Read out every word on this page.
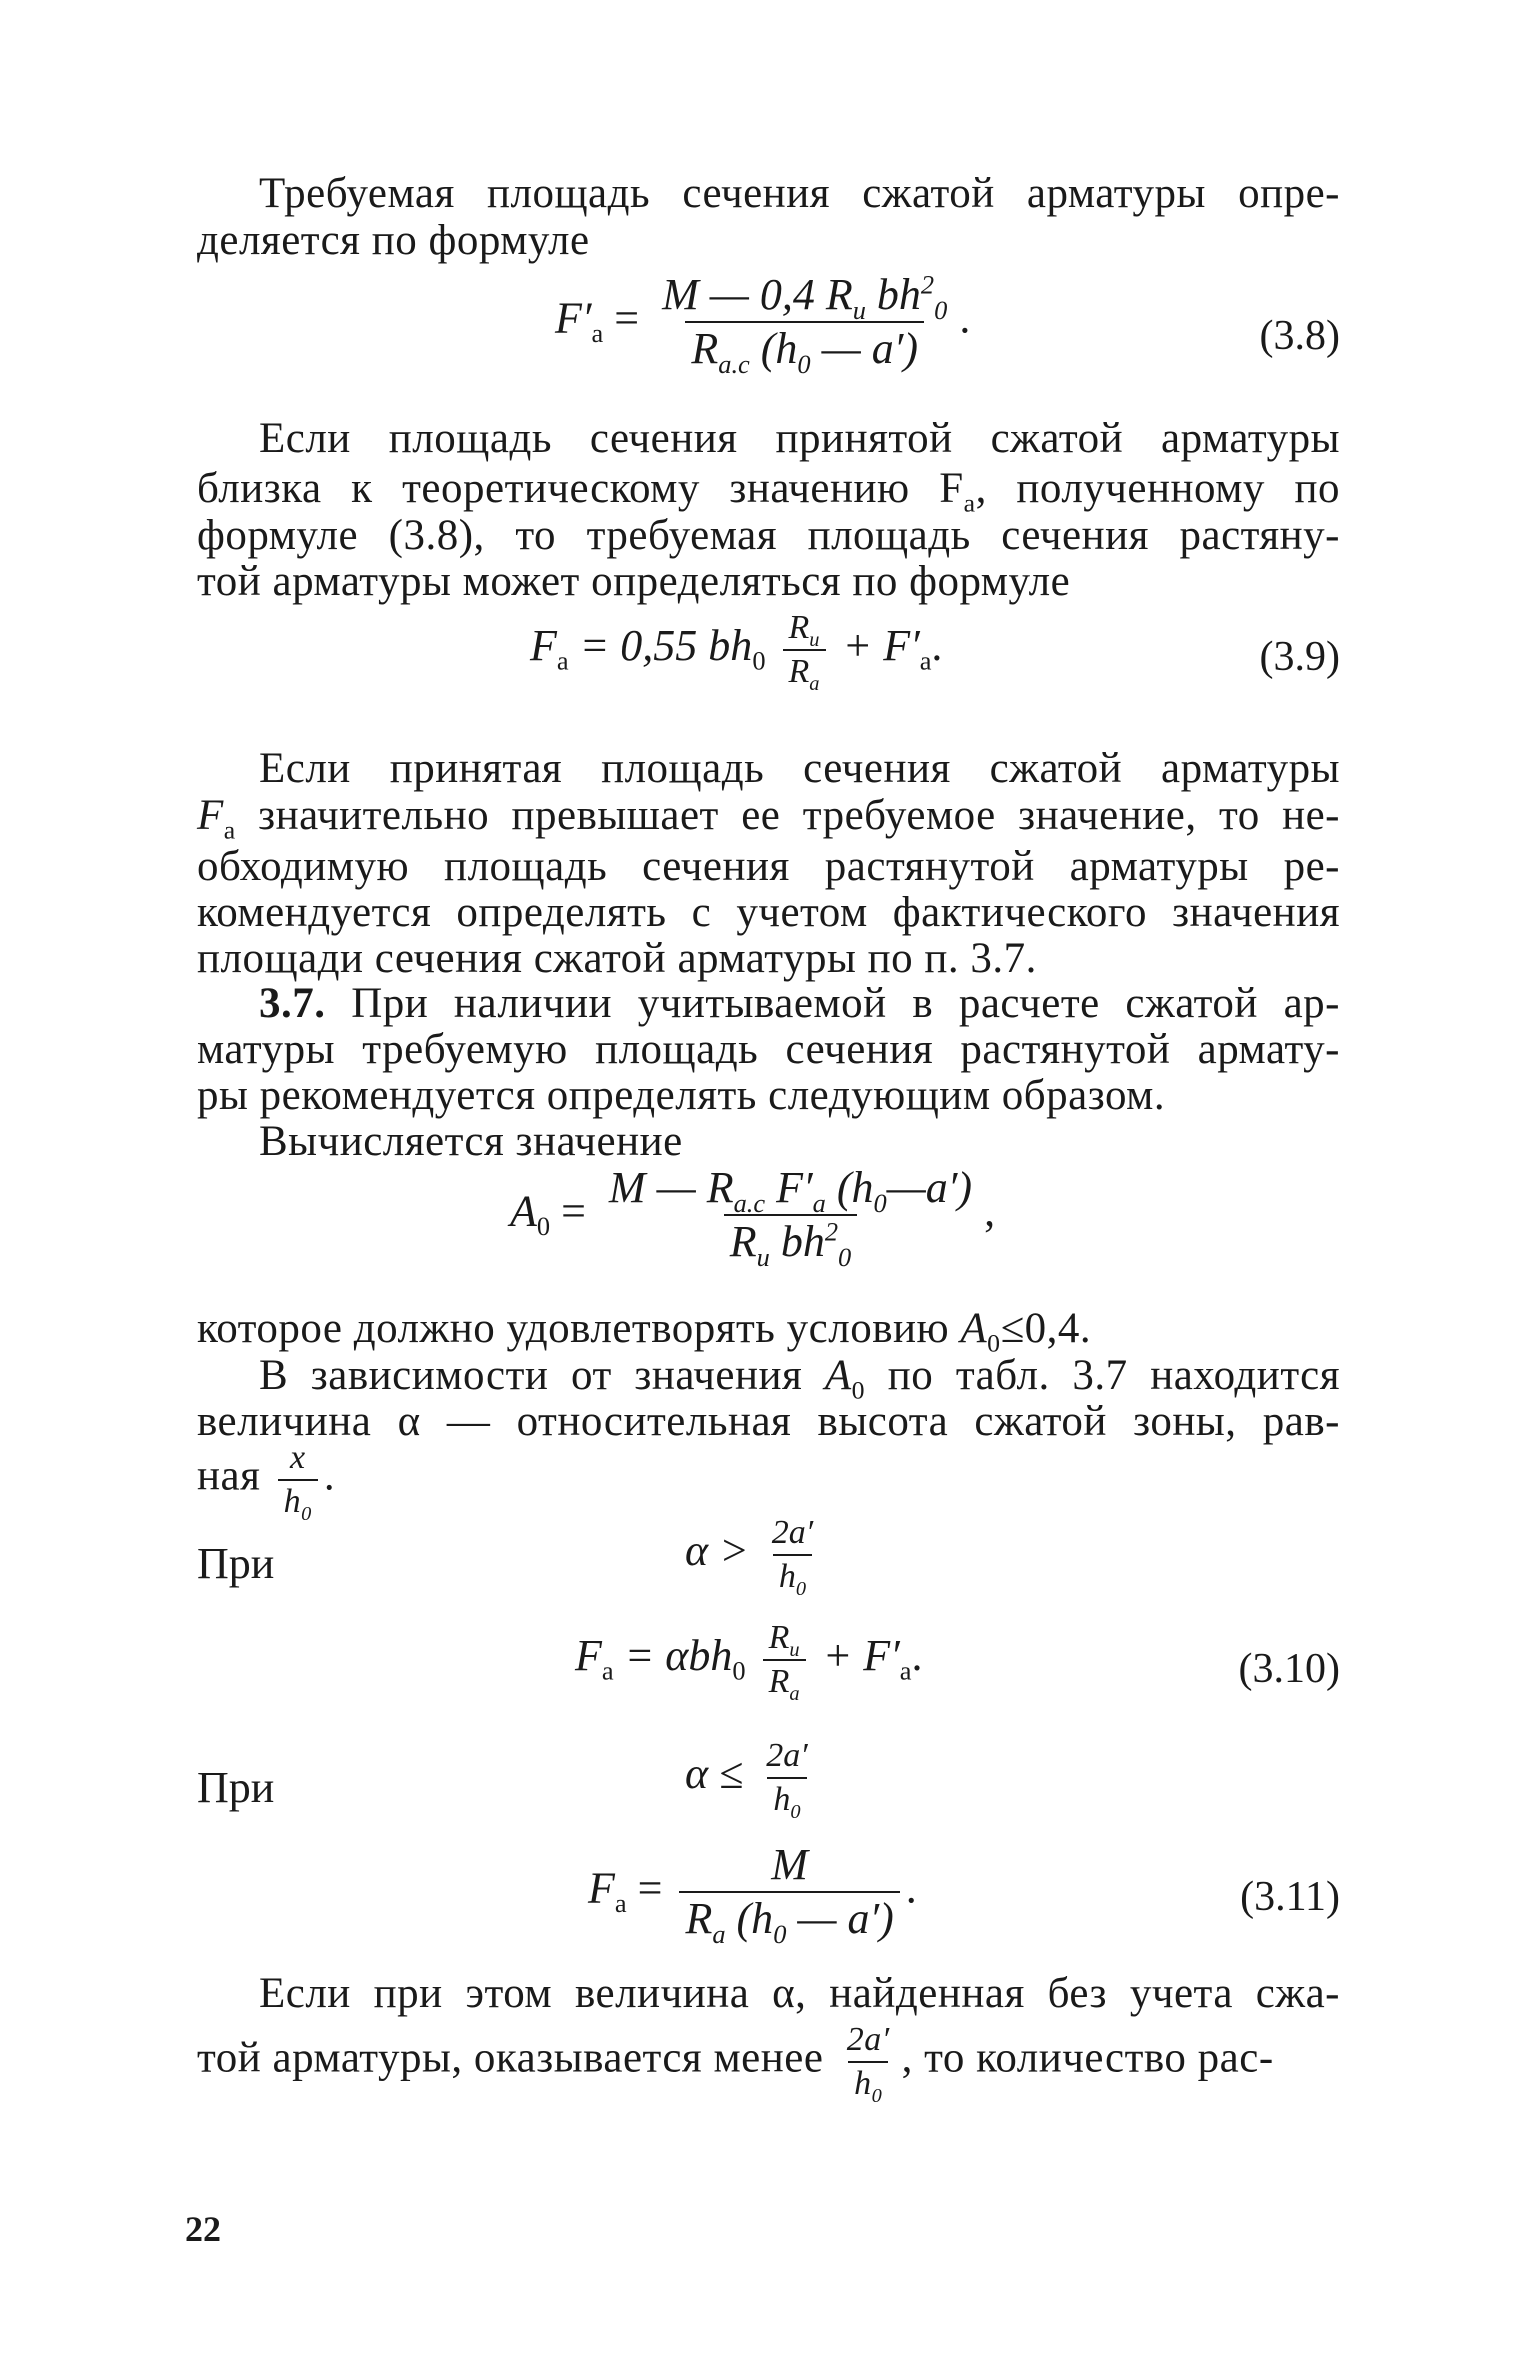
Требуемая площадь сечения сжатой арматуры опре-
деляется по формуле
$F'_а = \frac{M — 0,4 R_и bh^2_0}{R_{а.с} (h_0 — a')}$ .	(3.8)
Если площадь сечения принятой сжатой арматуры
близка к теоретическому значению $F_а$, полученному по
формуле (3.8), то требуемая площадь сечения растяну-
той арматуры может определяться по формуле
$F_а = 0,55$ $bh_0 \frac{R_и}{R_а} + F'_а$.	(3.9)
Если принятая площадь сечения сжатой арматуры
$F_а$ значительно превышает ее требуемое значение, то не-
обходимую площадь сечения растянутой арматуры ре-
комендуется определять с учетом фактического значения
площади сечения сжатой арматуры по п. 3.7.
3.7. При наличии учитываемой в расчете сжатой ар-
матуры требуемую площадь сечения растянутой армату-
ры рекомендуется определять следующим образом.
Вычисляется значение
$A_0 = \frac{M — R_{а.с} F'_а (h_0—a')}{R_и bh^2_0}$ ,
которое должно удовлетворять условию $A_0\le 0,4$.
В зависимости от значения $A_0$ по табл. 3.7 находится
величина α — относительная высота сжатой зоны, рав-
ная $\frac{x}{h_0}$ .
При	$\alpha > \frac{2a'}{h_0}$
$F_а = \alpha bh_0 \frac{R_и}{R_а} + F'_а$.	(3.10)
При	$\alpha \le \frac{2a'}{h_0}$
$F_а = \frac{M}{R_а (h_0 — a')}$ .	(3.11)
Если при этом величина α, найденная без учета сжа-
той арматуры, оказывается менее $\frac{2a'}{h_0}$ , то количество рас-
22
